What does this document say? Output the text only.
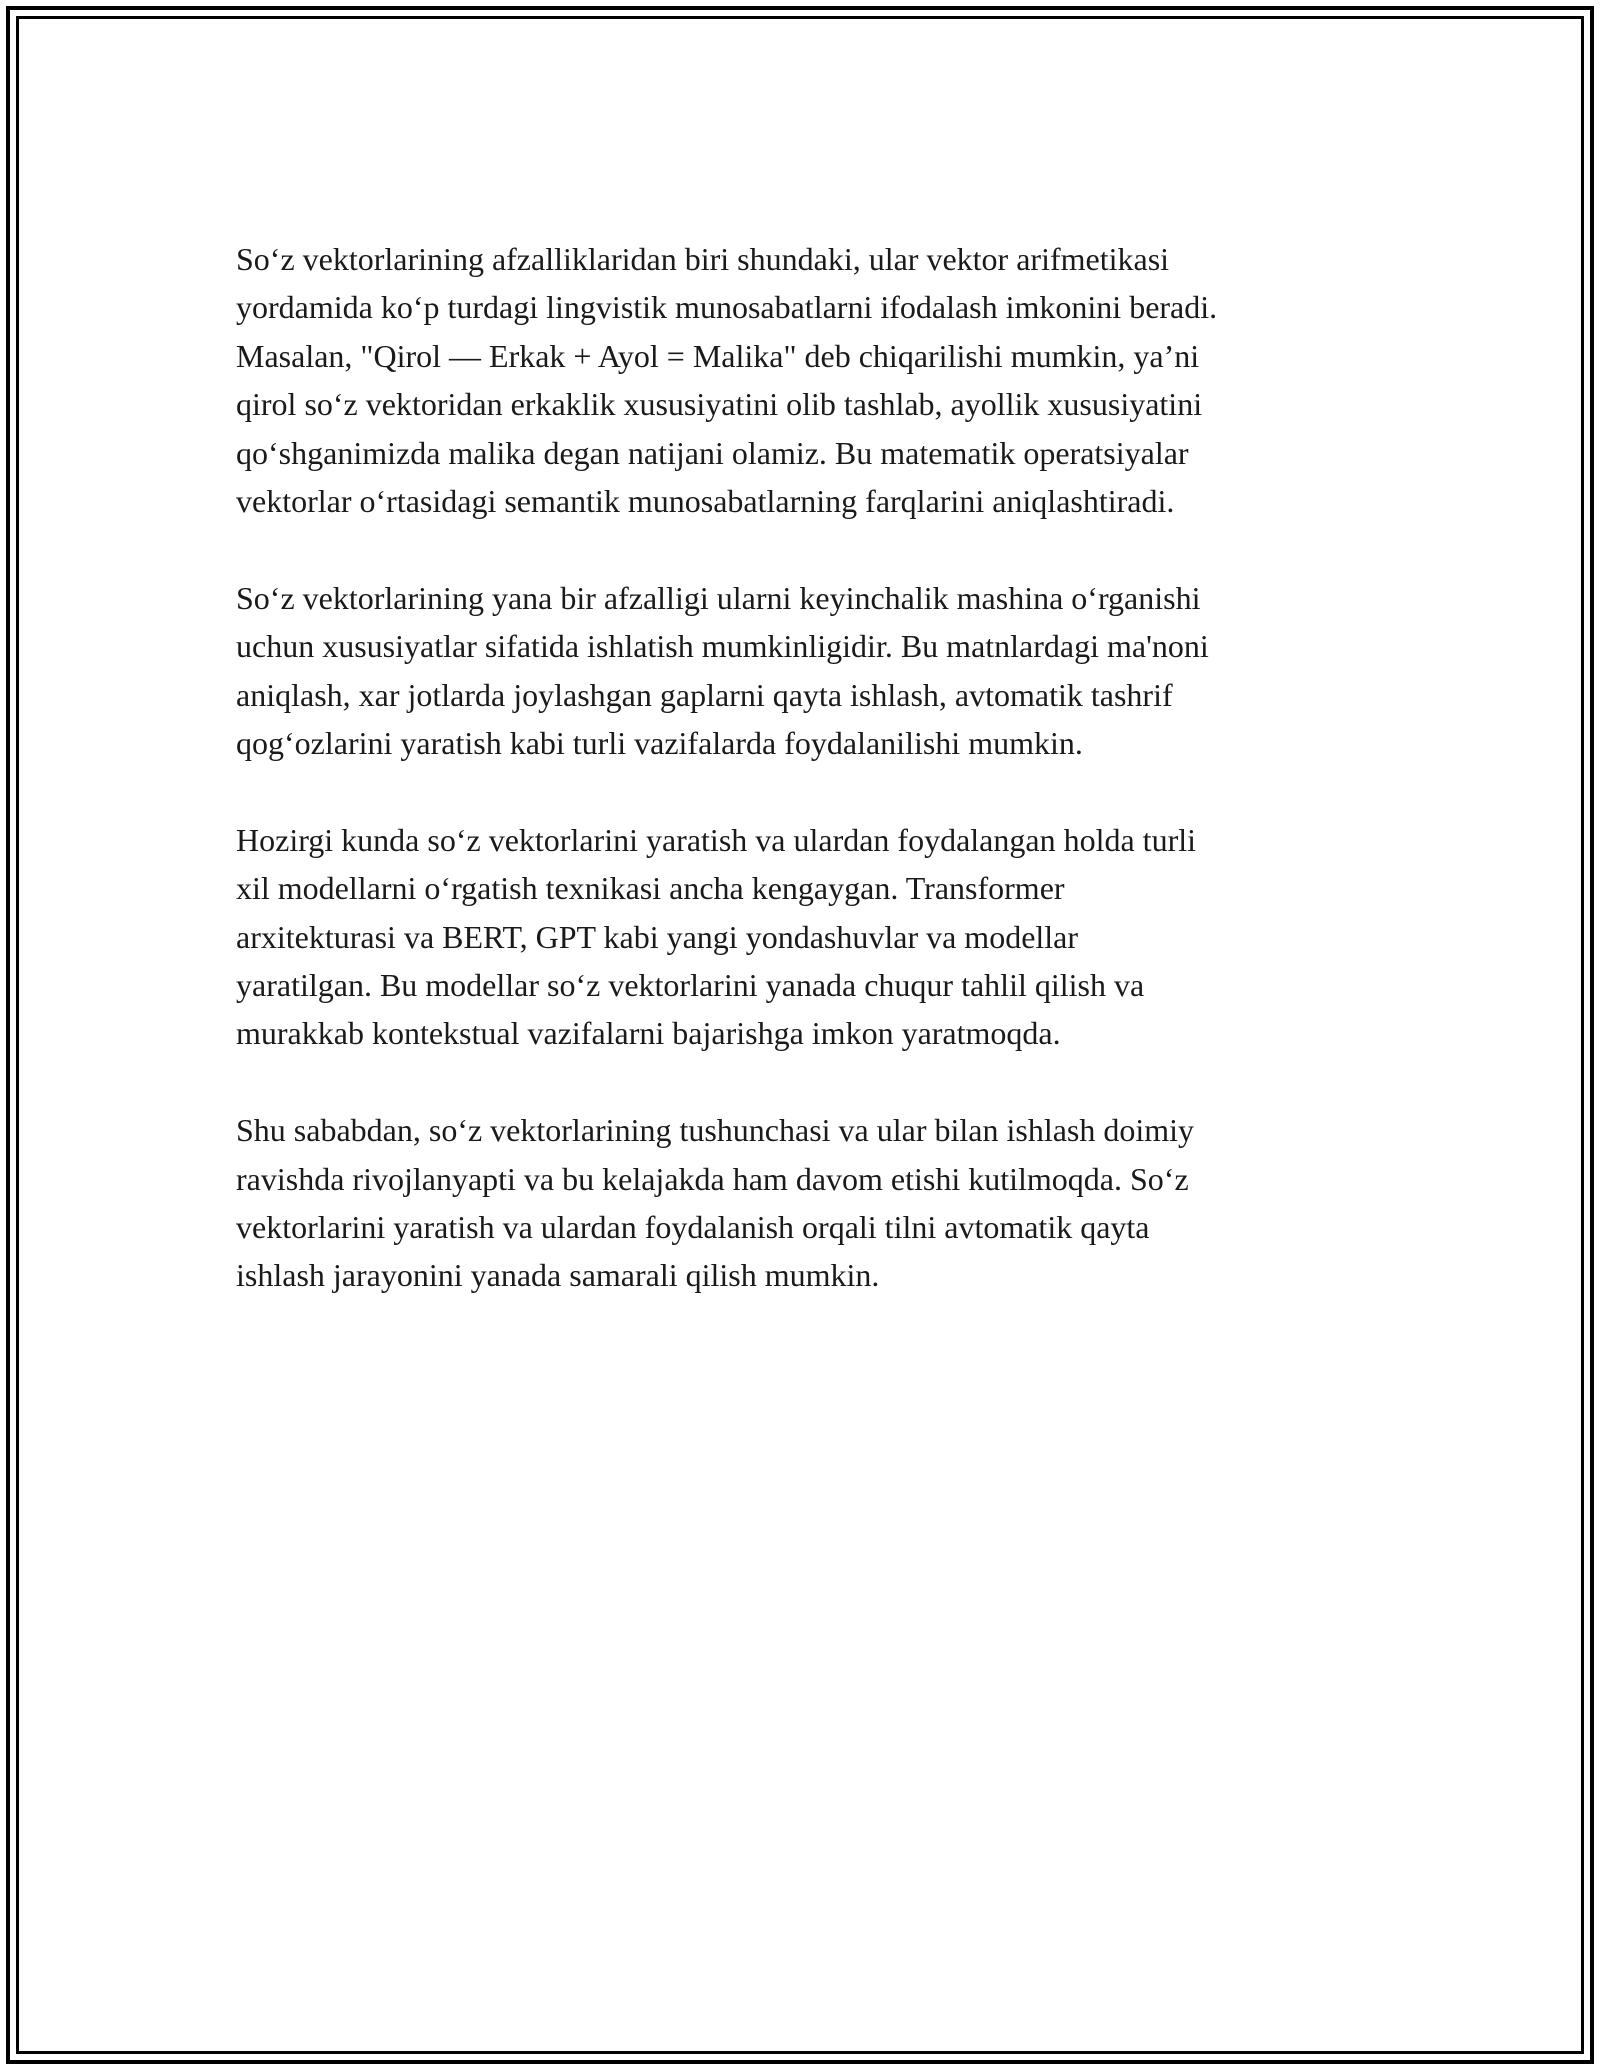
So‘z vektorlarining afzalliklaridan biri shundaki, ular vektor arifmetikasi
yordamida ko‘p turdagi lingvistik munosabatlarni ifodalash imkonini beradi.
Masalan, "Qirol — Erkak + Ayol = Malika" deb chiqarilishi mumkin, ya’ni
qirol so‘z vektoridan erkaklik xususiyatini olib tashlab, ayollik xususiyatini
qo‘shganimizda malika degan natijani olamiz. Bu matematik operatsiyalar
vektorlar o‘rtasidagi semantik munosabatlarning farqlarini aniqlashtiradi.

So‘z vektorlarining yana bir afzalligi ularni keyinchalik mashina o‘rganishi
uchun xususiyatlar sifatida ishlatish mumkinligidir. Bu matnlardagi ma'noni
aniqlash, xar jotlarda joylashgan gaplarni qayta ishlash, avtomatik tashrif
qog‘ozlarini yaratish kabi turli vazifalarda foydalanilishi mumkin.

Hozirgi kunda so‘z vektorlarini yaratish va ulardan foydalangan holda turli
xil modellarni o‘rgatish texnikasi ancha kengaygan. Transformer
arxitekturasi va BERT, GPT kabi yangi yondashuvlar va modellar
yaratilgan. Bu modellar so‘z vektorlarini yanada chuqur tahlil qilish va
murakkab kontekstual vazifalarni bajarishga imkon yaratmoqda.

Shu sababdan, so‘z vektorlarining tushunchasi va ular bilan ishlash doimiy
ravishda rivojlanyapti va bu kelajakda ham davom etishi kutilmoqda. So‘z
vektorlarini yaratish va ulardan foydalanish orqali tilni avtomatik qayta
ishlash jarayonini yanada samarali qilish mumkin.
